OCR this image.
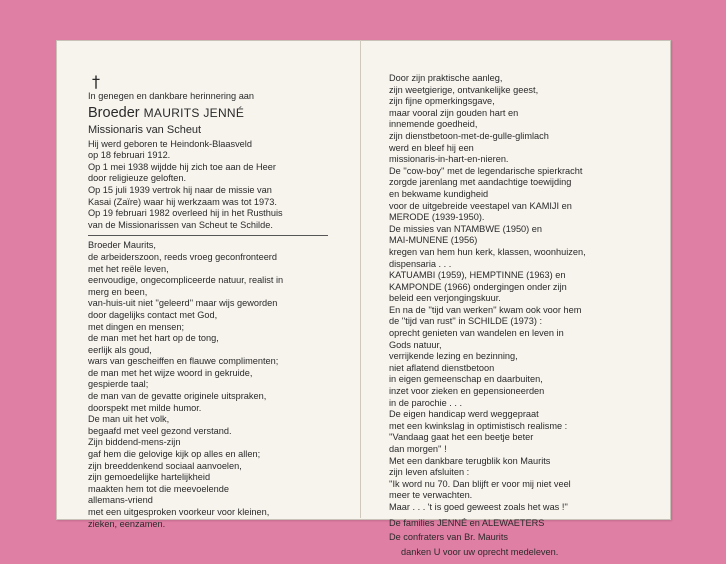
†
In genegen en dankbare herinnering aan
Broeder MAURITS JENNÉ
Missionaris van Scheut
Hij werd geboren te Heindonk-Blaasveld
op 18 februari 1912.
Op 1 mei 1938 wijdde hij zich toe aan de Heer
door religieuze geloften.
Op 15 juli 1939 vertrok hij naar de missie van
Kasai (Zaïre) waar hij werkzaam was tot 1973.
Op 19 februari 1982 overleed hij in het Rusthuis
van de Missionarissen van Scheut te Schilde.
Broeder Maurits,
de arbeiderszoon, reeds vroeg geconfronteerd
met het reële leven,
eenvoudige, ongecompliceerde natuur, realist in
merg en been,
van-huis-uit niet ''geleerd'' maar wijs geworden
door dagelijks contact met God,
met dingen en mensen;
de man met het hart op de tong,
eerlijk als goud,
wars van gescheiffen en flauwe complimenten;
de man met het wijze woord in gekruide,
gespierde taal;
de man van de gevatte originele uitspraken,
doorspekt met milde humor.
De man uit het volk,
begaafd met veel gezond verstand.
Zijn biddend-mens-zijn
gaf hem die gelovige kijk op alles en allen;
zijn breeddenkend sociaal aanvoelen,
zijn gemoedelijke hartelijkheid
maakten hem tot die meevoelende
allemans-vriend
met een uitgesproken voorkeur voor kleinen,
zieken, eenzamen.
Door zijn praktische aanleg,
zijn weetgierige, ontvankelijke geest,
zijn fijne opmerkingsgave,
maar vooral zijn gouden hart en
innemende goedheid,
zijn dienstbetoon-met-de-gulle-glimlach
werd en bleef hij een
missionaris-in-hart-en-nieren.
De ''cow-boy'' met de legendarische spierkracht
zorgde jarenlang met aandachtige toewijding
en bekwame kundigheid
voor de uitgebreide veestapel van KAMIJI en
MERODE (1939-1950).
De missies van NTAMBWE (1950) en
MAI-MUNENE (1956)
kregen van hem hun kerk, klassen, woonhuizen,
dispensaria . . .
KATUAMBI (1959), HEMPTINNE (1963) en
KAMPONDE (1966) ondergingen onder zijn
beleid een verjongingskuur.
En na de ''tijd van werken'' kwam ook voor hem
de ''tijd van rust'' in SCHILDE (1973) :
oprecht genieten van wandelen en leven in
Gods natuur,
verrijkende lezing en bezinning,
niet aflatend dienstbetoon
in eigen gemeenschap en daarbuiten,
inzet voor zieken en gepensioneerden
in de parochie . . .
De eigen handicap werd weggepraat
met een kwinkslag in optimistisch realisme :
''Vandaag gaat het een beetje beter
dan morgen'' !
Met een dankbare terugblik kon Maurits
zijn leven afsluiten :
''Ik word nu 70. Dan blijft er voor mij niet veel
meer te verwachten.
Maar . . . 't is goed geweest zoals het was !''
De families JENNÉ en ALEWAETERS
De confraters van Br. Maurits
danken U voor uw oprecht medeleven.
